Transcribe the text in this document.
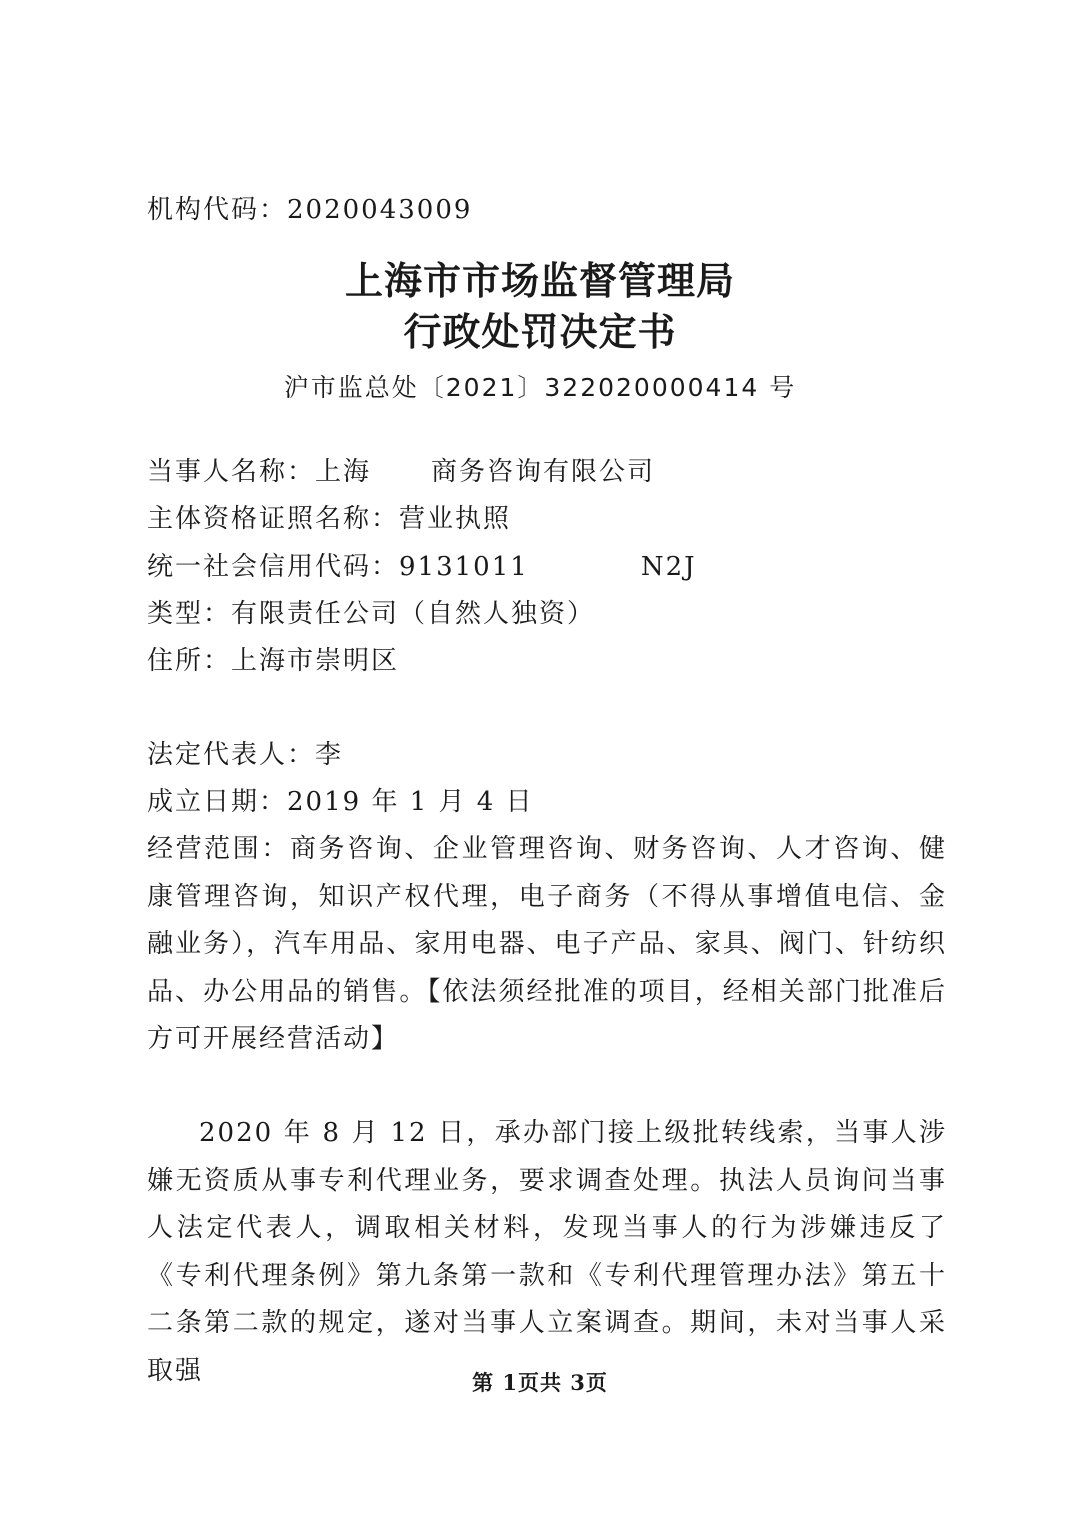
机构代码：2020043009
上海市市场监督管理局
行政处罚决定书
沪市监总处〔2021〕322020000414 号
当事人名称：上海 商务咨询有限公司
主体资格证照名称：营业执照
统一社会信用代码：9131011	N2J
类型：有限责任公司（自然人独资）
住所：上海市崇明区
法定代表人：李
成立日期：2019 年 1 月 4 日
经营范围：商务咨询、企业管理咨询、财务咨询、人才咨询、健康管理咨询，知识产权代理，电子商务（不得从事增值电信、金融业务），汽车用品、家用电器、电子产品、家具、阀门、针纺织品、办公用品的销售。【依法须经批准的项目，经相关部门批准后方可开展经营活动】
2020 年 8 月 12 日，承办部门接上级批转线索，当事人涉嫌无资质从事专利代理业务，要求调查处理。执法人员询问当事人法定代表人，调取相关材料，发现当事人的行为涉嫌违反了《专利代理条例》第九条第一款和《专利代理管理办法》第五十二条第二款的规定，遂对当事人立案调查。期间，未对当事人采取强	第 1页共 3页
